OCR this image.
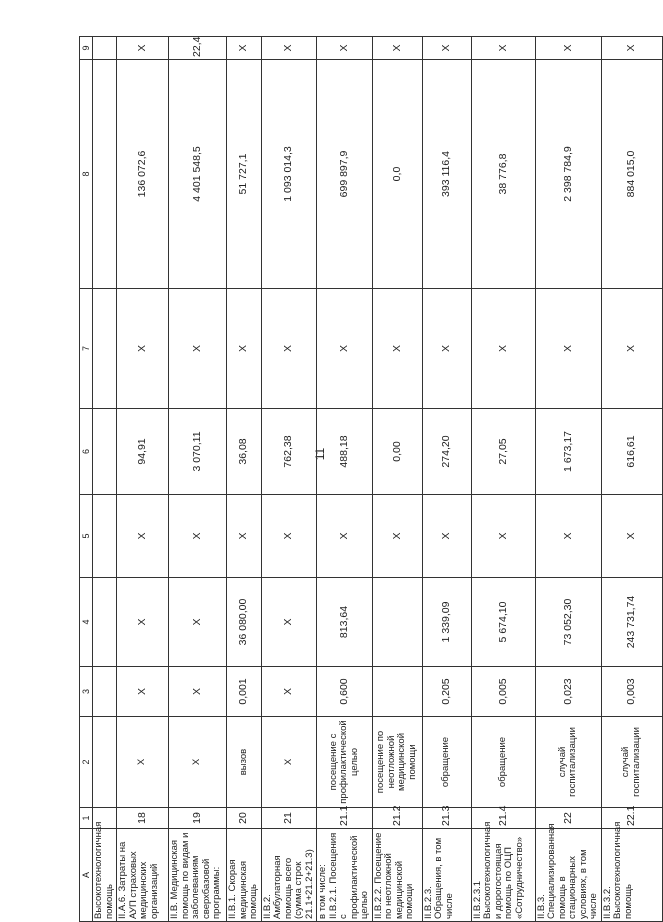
11
А	1	2	3	4	5	6	7	8	9
Высокотехнологичная помощь									
II.А.6. Затраты на АУП страховых медицинских организаций	18	X	X	X	X	94,91	X	136 072,6	X
II.В. Медицинская помощь по видам и заболеваниям сверхбазовой программы:	19	X	X	X	X	3 070,11	X	4 401 548,5	22,4
II.В.1. Скорая медицинская помощь	20	вызов	0,001	36 080,00	X	36,08	X	51 727,1	X
II.В.2. Амбулаторная помощь всего (сумма строк 21.1+21.2+21.3)	21	X	X	X	X	762,38	X	1 093 014,3	X
в том числе: II.В.2.1. Посещения с профилактической целью	21.1	посещение с профилактической целью	0,600	813,64	X	488,18	X	699 897,9	X
II.В.2.2. Посещение по неотложной медицинской помощи	21.2	посещение по неотложной медицинской помощи			X	0,00	X	0,0	X
II.В.2.3. Обращения, в том числе	21.3	обращение	0,205	1 339,09	X	274,20	X	393 116,4	X
II.В.2.3.1 Высокотехнологичная и дорогостоящая помощь по ОЦП «Сотрудничество»	21.4	обращение	0,005	5 674,10	X	27,05	X	38 776,8	X
II.В.3. Специализированная помощь в стационарных условиях, в том числе	22	случай госпитализации	0,023	73 052,30	X	1 673,17	X	2 398 784,9	X
II.В.3.2. Высокотехнологичная помощь	22.1	случай госпитализации	0,003	243 731,74	X	616,61	X	884 015,0	X
